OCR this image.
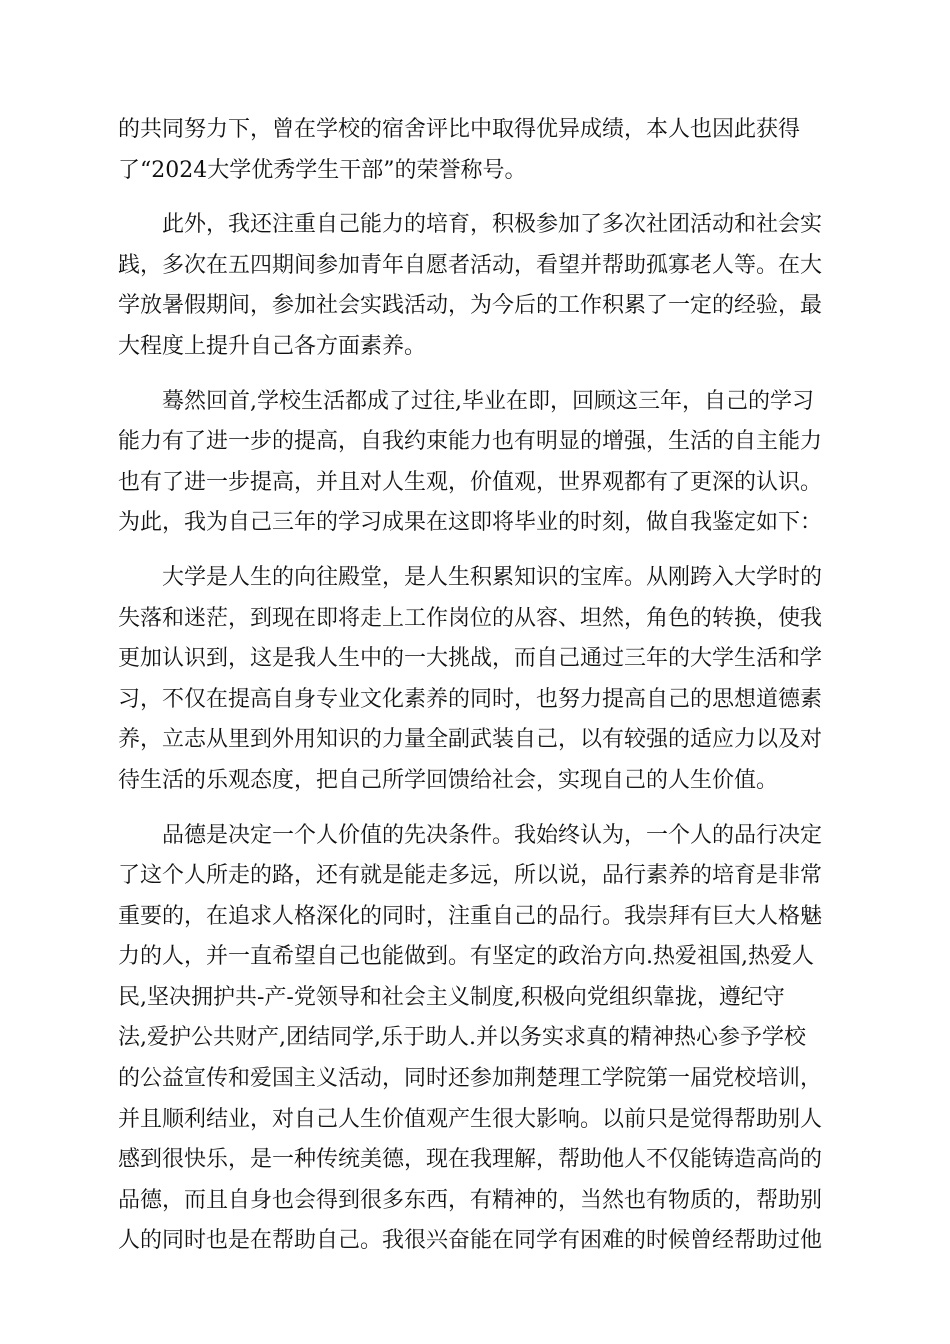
的共同努力下，曾在学校的宿舍评比中取得优异成绩，本人也因此获得
了“2024大学优秀学生干部”的荣誉称号。
此外，我还注重自己能力的培育，积极参加了多次社团活动和社会实
践，多次在五四期间参加青年自愿者活动，看望并帮助孤寡老人等。在大
学放暑假期间，参加社会实践活动，为今后的工作积累了一定的经验，最
大程度上提升自己各方面素养。
蓦然回首,学校生活都成了过往,毕业在即，回顾这三年，自己的学习
能力有了进一步的提高，自我约束能力也有明显的增强，生活的自主能力
也有了进一步提高，并且对人生观，价值观，世界观都有了更深的认识。
为此，我为自己三年的学习成果在这即将毕业的时刻，做自我鉴定如下：
大学是人生的向往殿堂，是人生积累知识的宝库。从刚跨入大学时的
失落和迷茫，到现在即将走上工作岗位的从容、坦然，角色的转换，使我
更加认识到，这是我人生中的一大挑战，而自己通过三年的大学生活和学
习，不仅在提高自身专业文化素养的同时，也努力提高自己的思想道德素
养，立志从里到外用知识的力量全副武装自己，以有较强的适应力以及对
待生活的乐观态度，把自己所学回馈给社会，实现自己的人生价值。
品德是决定一个人价值的先决条件。我始终认为，一个人的品行决定
了这个人所走的路，还有就是能走多远，所以说，品行素养的培育是非常
重要的，在追求人格深化的同时，注重自己的品行。我崇拜有巨大人格魅
力的人，并一直希望自己也能做到。有坚定的政治方向.热爱祖国,热爱人
民,坚决拥护共-产-党领导和社会主义制度,积极向党组织靠拢，遵纪守
法,爱护公共财产,团结同学,乐于助人.并以务实求真的精神热心参予学校
的公益宣传和爱国主义活动，同时还参加荆楚理工学院第一届党校培训，
并且顺利结业，对自己人生价值观产生很大影响。以前只是觉得帮助别人
感到很快乐，是一种传统美德，现在我理解，帮助他人不仅能铸造高尚的
品德，而且自身也会得到很多东西，有精神的，当然也有物质的，帮助别
人的同时也是在帮助自己。我很兴奋能在同学有困难的时候曾经帮助过他
